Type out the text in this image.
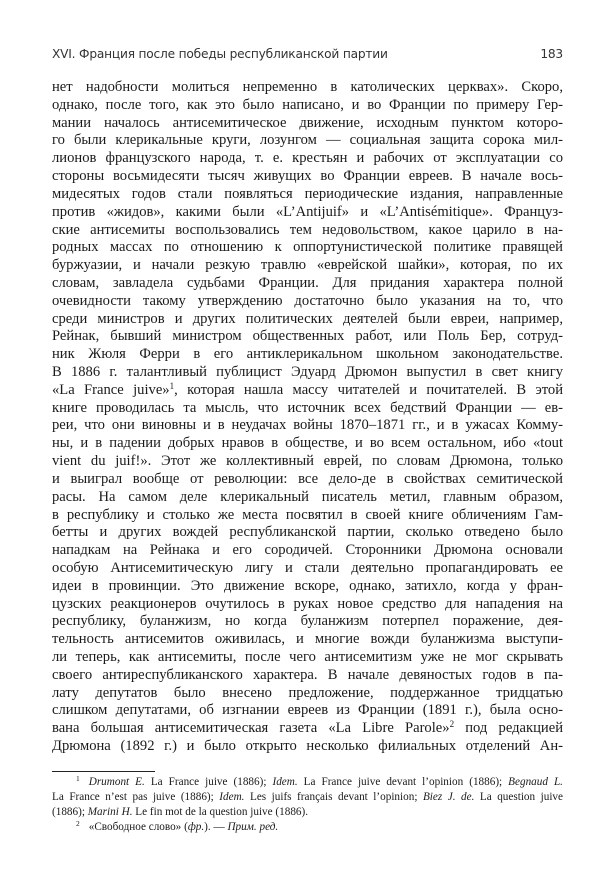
XVI. Франция после победы республиканской партии	183
нет надобности молиться непременно в католических церквах». Скоро,
однако, после того, как это было написано, и во Франции по примеру Гер-
мании началось антисемитическое движение, исходным пунктом которо-
го были клерикальные круги, лозунгом — социальная защита сорока мил-
лионов французского народа, т. е. крестьян и рабочих от эксплуатации со
стороны восьмидесяти тысяч живущих во Франции евреев. В начале вось-
мидесятых годов стали появляться периодические издания, направленные
против «жидов», какими были «L’Antijuif» и «L’Antisémitique». Француз-
ские антисемиты воспользовались тем недовольством, какое царило в на-
родных массах по отношению к оппортунистической политике правящей
буржуазии, и начали резкую травлю «еврейской шайки», которая, по их
словам, завладела судьбами Франции. Для придания характера полной
очевидности такому утверждению достаточно было указания на то, что
среди министров и других политических деятелей были евреи, например,
Рейнак, бывший министром общественных работ, или Поль Бер, сотруд-
ник Жюля Ферри в его антиклерикальном школьном законодательстве.
В 1886 г. талантливый публицист Эдуард Дрюмон выпустил в свет книгу
«La France juive»$^1$, которая нашла массу читателей и почитателей. В этой
книге проводилась та мысль, что источник всех бедствий Франции — ев-
реи, что они виновны и в неудачах войны 1870–1871 гг., и в ужасах Комму-
ны, и в падении добрых нравов в обществе, и во всем остальном, ибо «tout
vient du juif!». Этот же коллективный еврей, по словам Дрюмона, только
и выиграл вообще от революции: все дело-де в свойствах семитической
расы. На самом деле клерикальный писатель метил, главным образом,
в республику и столько же места посвятил в своей книге обличениям Гам-
бетты и других вождей республиканской партии, сколько отведено было
нападкам на Рейнака и его сородичей. Сторонники Дрюмона основали
особую Антисемитическую лигу и стали деятельно пропагандировать ее
идеи в провинции. Это движение вскоре, однако, затихло, когда у фран-
цузских реакционеров очутилось в руках новое средство для нападения на
республику, буланжизм, но когда буланжизм потерпел поражение, дея-
тельность антисемитов оживилась, и многие вожди буланжизма выступи-
ли теперь, как антисемиты, после чего антисемитизм уже не мог скрывать
своего антиреспубликанского характера. В начале девяностых годов в па-
лату депутатов было внесено предложение, поддержанное тридцатью
слишком депутатами, об изгнании евреев из Франции (1891 г.), была осно-
вана большая антисемитическая газета «La Libre Parole»$^2$ под редакцией
Дрюмона (1892 г.) и было открыто несколько филиальных отделений Ан-
$^1$ Drumont E. La France juive (1886); Idem. La France juive devant l’opinion (1886); Begnaud L.
La France n’est pas juive (1886); Idem. Les juifs français devant l’opinion; Biez J. de. La question juive
(1886); Marini H. Le fin mot de la question juive (1886).
$^2$ «Свободное слово» (фр.). — Прим. ред.
